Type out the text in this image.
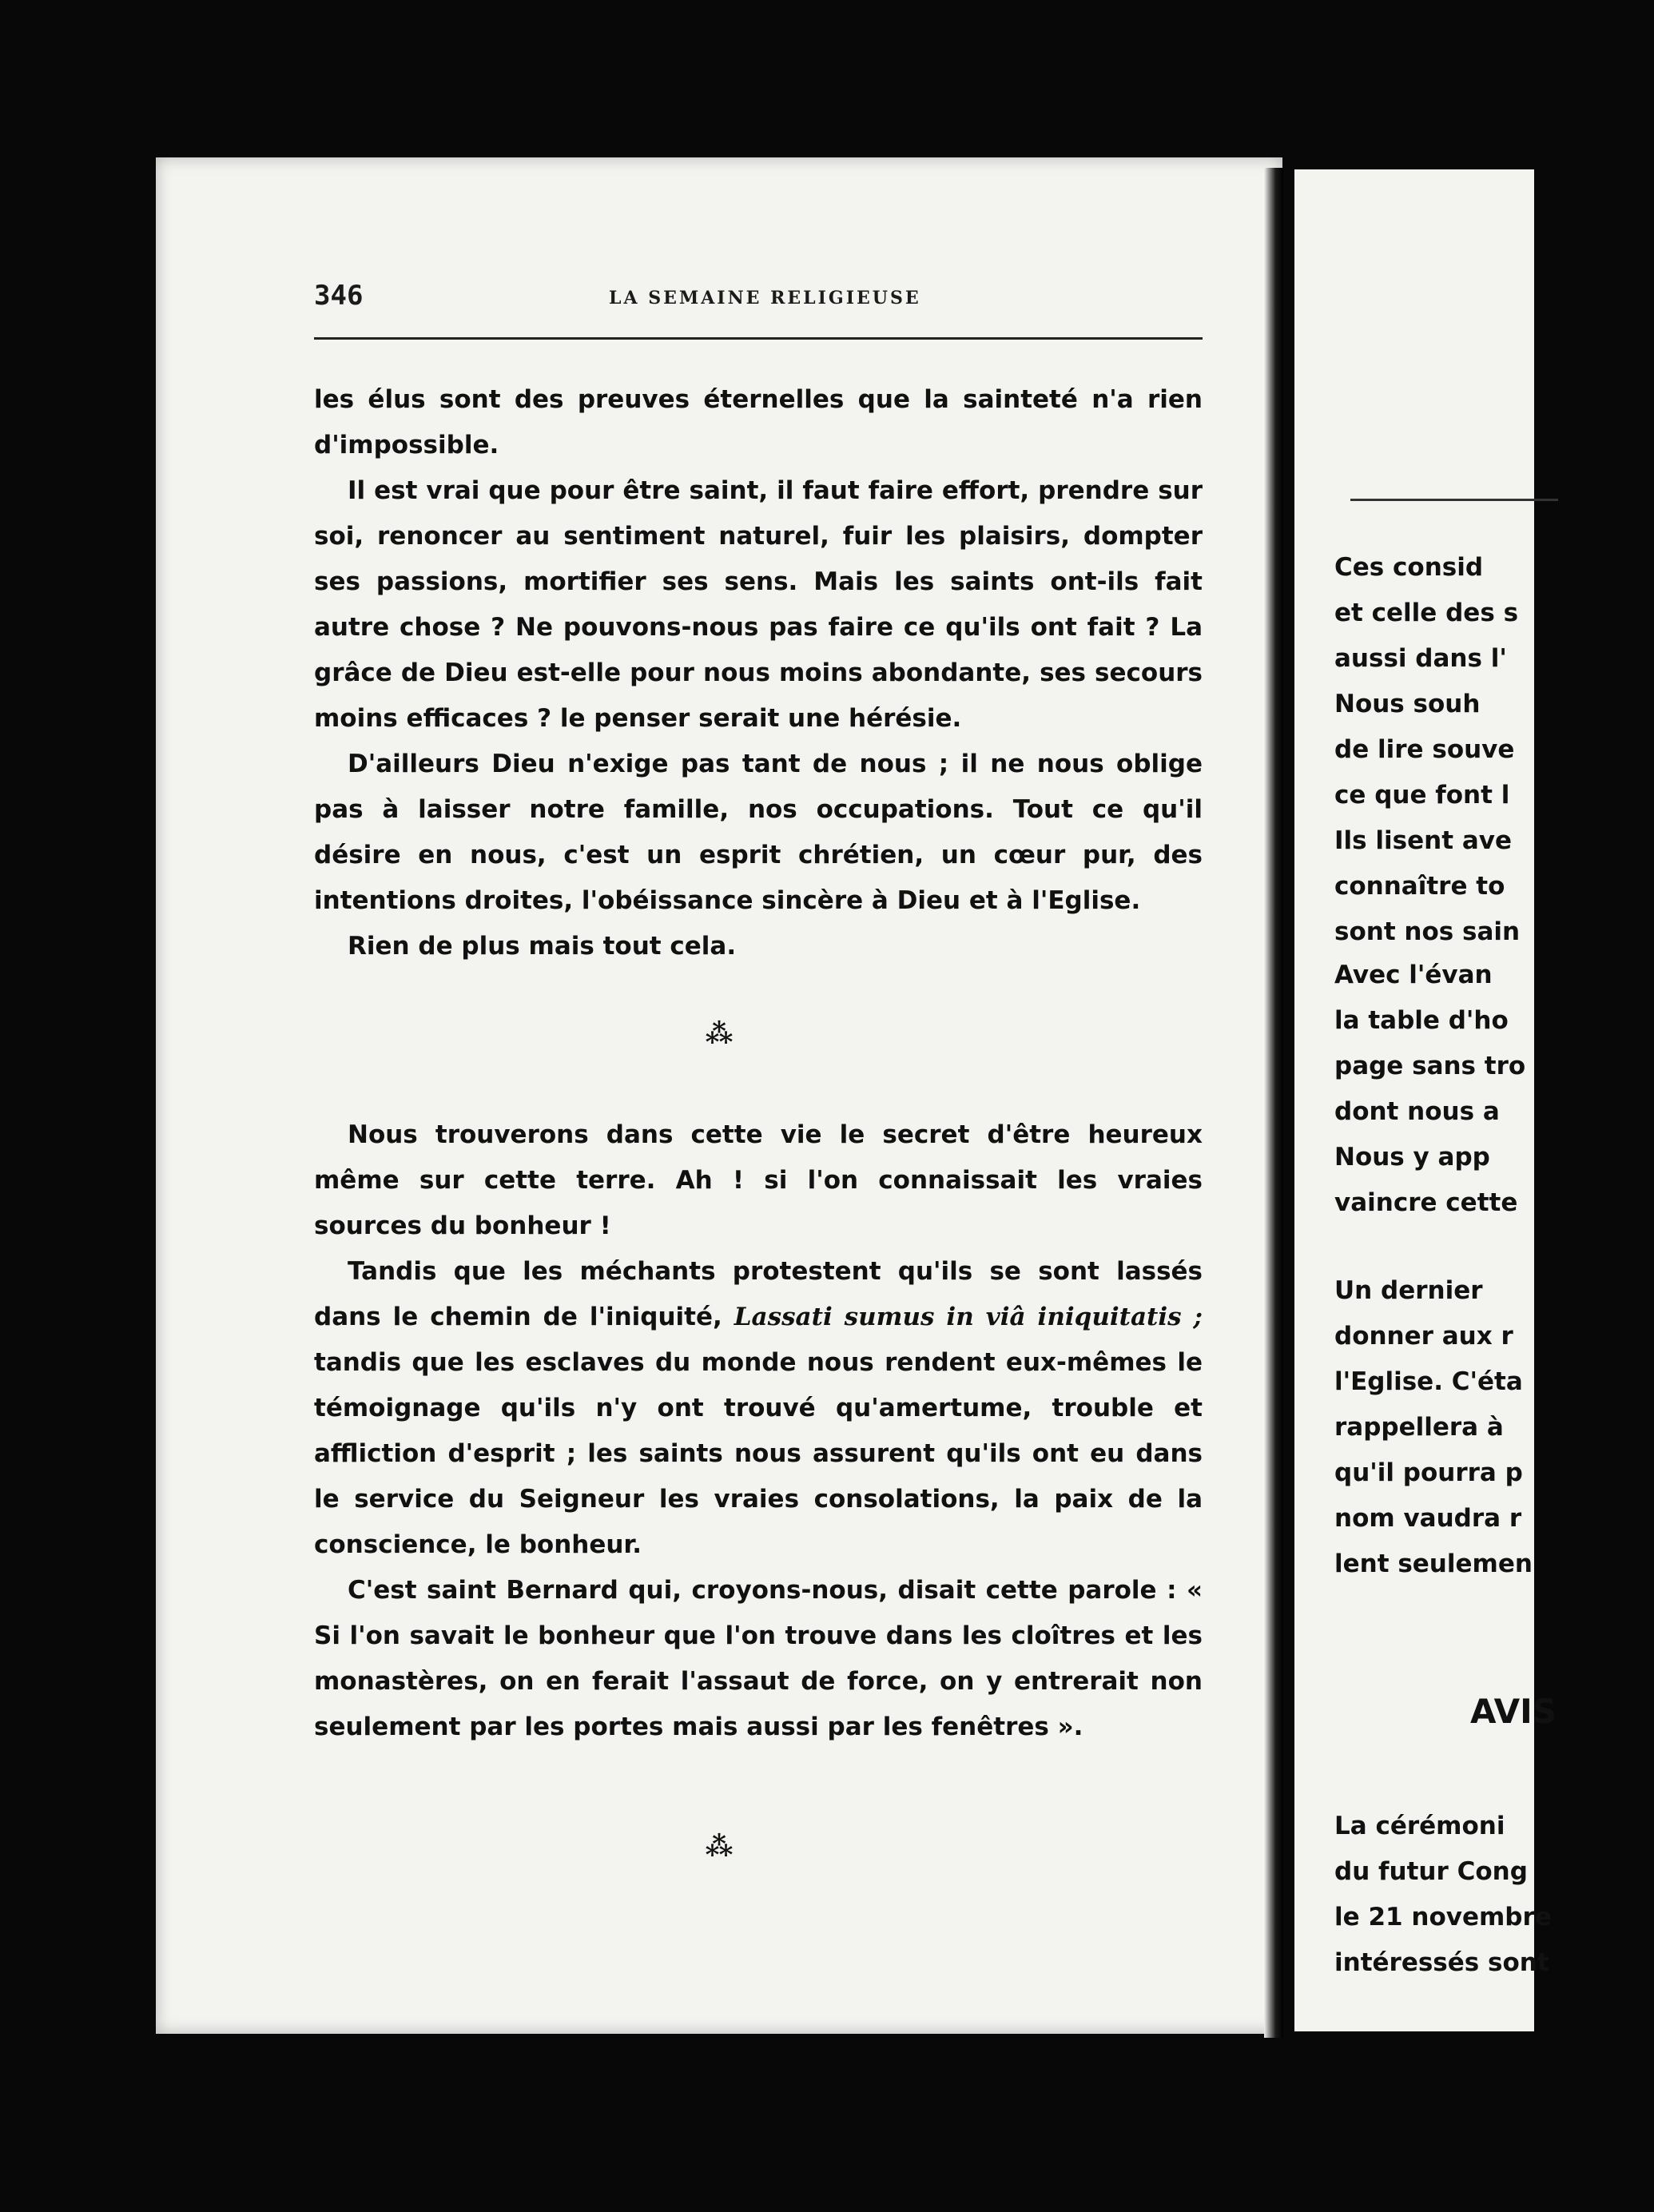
Ces consid
et celle des s
aussi dans l'
Nous souh
de lire souve
ce que font l
Ils lisent ave
connaître to
sont nos sain
Avec l'évan
la table d'ho
page sans tro
dont nous a
Nous y app
vaincre cette
Un dernier
donner aux r
l'Eglise. C'éta
rappellera à
qu'il pourra p
nom vaudra r
lent seulemen
AVIS
La cérémoni
du futur Cong
le 21 novembre
intéressés sont
346	LA SEMAINE RELIGIEUSE

les élus sont des preuves éternelles que la sainteté n'a rien d'impossible.

Il est vrai que pour être saint, il faut faire effort, prendre sur soi, renoncer au sentiment naturel, fuir les plaisirs, dompter ses passions, mortifier ses sens. Mais les saints ont-ils fait autre chose ? Ne pouvons-nous pas faire ce qu'ils ont fait ? La grâce de Dieu est-elle pour nous moins abondante, ses secours moins efficaces ? le penser serait une hérésie.

D'ailleurs Dieu n'exige pas tant de nous ; il ne nous oblige pas à laisser notre famille, nos occupations. Tout ce qu'il désire en nous, c'est un esprit chrétien, un cœur pur, des intentions droites, l'obéissance sincère à Dieu et à l'Eglise.

Rien de plus mais tout cela.

⁂

Nous trouverons dans cette vie le secret d'être heureux même sur cette terre. Ah ! si l'on connaissait les vraies sources du bonheur !

Tandis que les méchants protestent qu'ils se sont lassés dans le chemin de l'iniquité, Lassati sumus in viâ iniquitatis ; tandis que les esclaves du monde nous rendent eux-mêmes le témoignage qu'ils n'y ont trouvé qu'amertume, trouble et affliction d'esprit ; les saints nous assurent qu'ils ont eu dans le service du Seigneur les vraies consolations, la paix de la conscience, le bonheur.

C'est saint Bernard qui, croyons-nous, disait cette parole : « Si l'on savait le bonheur que l'on trouve dans les cloîtres et les monastères, on en ferait l'assaut de force, on y entrerait non seulement par les portes mais aussi par les fenêtres ».

⁂
